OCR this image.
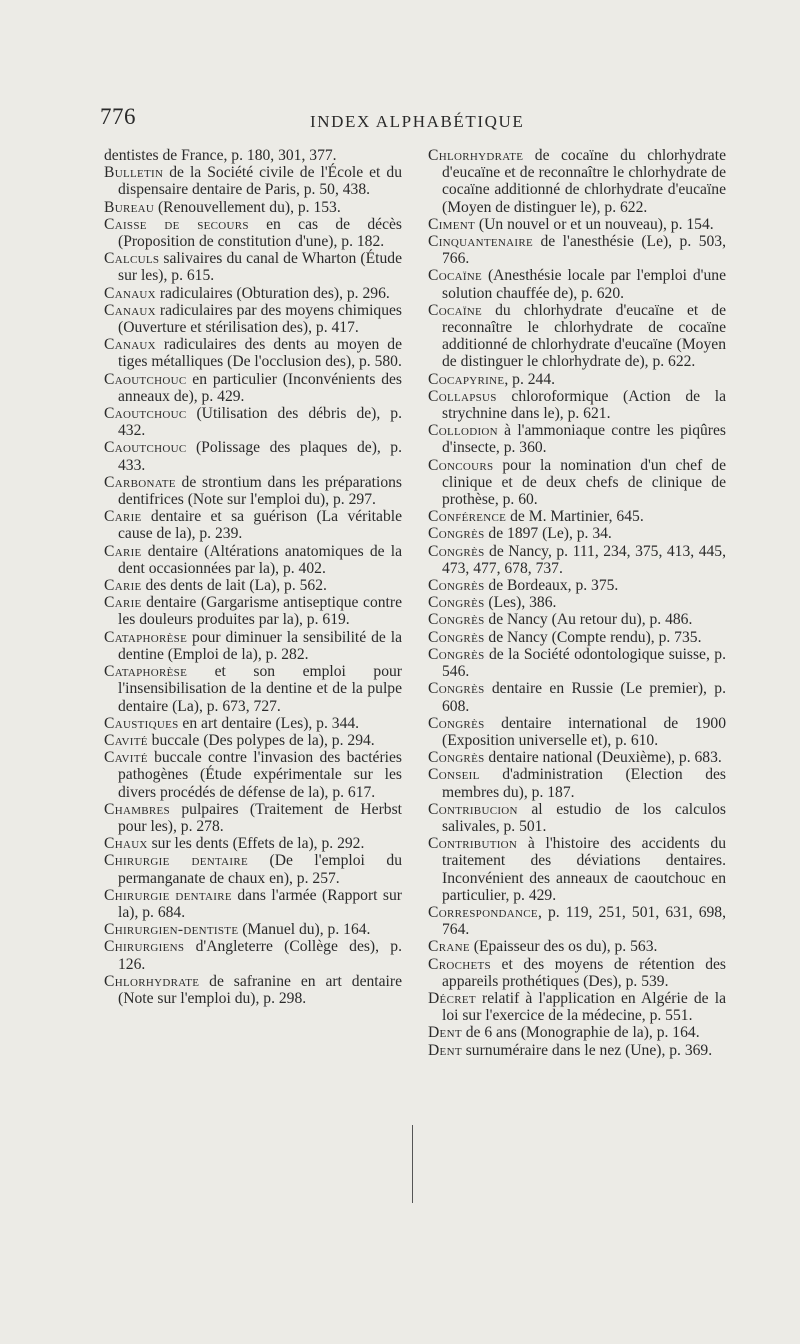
776	INDEX ALPHABÉTIQUE

dentistes de France, p. 180, 301, 377.

Bulletin de la Société civile de l'École et du dispensaire dentaire de Paris, p. 50, 438.

Bureau (Renouvellement du), p. 153.

Caisse de secours en cas de décès (Proposition de constitution d'une), p. 182.

Calculs salivaires du canal de Wharton (Étude sur les), p. 615.

Canaux radiculaires (Obturation des), p. 296.

Canaux radiculaires par des moyens chimiques (Ouverture et stérilisation des), p. 417.

Canaux radiculaires des dents au moyen de tiges métalliques (De l'occlusion des), p. 580.

Caoutchouc en particulier (Inconvénients des anneaux de), p. 429.

Caoutchouc (Utilisation des débris de), p. 432.

Caoutchouc (Polissage des plaques de), p. 433.

Carbonate de strontium dans les préparations dentifrices (Note sur l'emploi du), p. 297.

Carie dentaire et sa guérison (La véritable cause de la), p. 239.

Carie dentaire (Altérations anatomiques de la dent occasionnées par la), p. 402.

Carie des dents de lait (La), p. 562.

Carie dentaire (Gargarisme antiseptique contre les douleurs produites par la), p. 619.

Cataphorèse pour diminuer la sensibilité de la dentine (Emploi de la), p. 282.

Cataphorèse et son emploi pour l'insensibilisation de la dentine et de la pulpe dentaire (La), p. 673, 727.

Caustiques en art dentaire (Les), p. 344.

Cavité buccale (Des polypes de la), p. 294.

Cavité buccale contre l'invasion des bactéries pathogènes (Étude expérimentale sur les divers procédés de défense de la), p. 617.

Chambres pulpaires (Traitement de Herbst pour les), p. 278.

Chaux sur les dents (Effets de la), p. 292.

Chirurgie dentaire (De l'emploi du permanganate de chaux en), p. 257.

Chirurgie dentaire dans l'armée (Rapport sur la), p. 684.

Chirurgien-dentiste (Manuel du), p. 164.

Chirurgiens d'Angleterre (Collège des), p. 126.

Chlorhydrate de safranine en art dentaire (Note sur l'emploi du), p. 298.

Chlorhydrate de cocaïne du chlorhydrate d'eucaïne et de reconnaître le chlorhydrate de cocaïne additionné de chlorhydrate d'eucaïne (Moyen de distinguer le), p. 622.

Ciment (Un nouvel or et un nouveau), p. 154.

Cinquantenaire de l'anesthésie (Le), p. 503, 766.

Cocaïne (Anesthésie locale par l'emploi d'une solution chauffée de), p. 620.

Cocaïne du chlorhydrate d'eucaïne et de reconnaître le chlorhydrate de cocaïne additionné de chlorhydrate d'eucaïne (Moyen de distinguer le chlorhydrate de), p. 622.

Cocapyrine, p. 244.

Collapsus chloroformique (Action de la strychnine dans le), p. 621.

Collodion à l'ammoniaque contre les piqûres d'insecte, p. 360.

Concours pour la nomination d'un chef de clinique et de deux chefs de clinique de prothèse, p. 60.

Conférence de M. Martinier, 645.

Congrès de 1897 (Le), p. 34.

Congrès de Nancy, p. 111, 234, 375, 413, 445, 473, 477, 678, 737.

Congrès de Bordeaux, p. 375.

Congrès (Les), 386.

Congrès de Nancy (Au retour du), p. 486.

Congrès de Nancy (Compte rendu), p. 735.

Congrès de la Société odontologique suisse, p. 546.

Congrès dentaire en Russie (Le premier), p. 608.

Congrès dentaire international de 1900 (Exposition universelle et), p. 610.

Congrès dentaire national (Deuxième), p. 683.

Conseil d'administration (Election des membres du), p. 187.

Contribucion al estudio de los calculos salivales, p. 501.

Contribution à l'histoire des accidents du traitement des déviations dentaires. Inconvénient des anneaux de caoutchouc en particulier, p. 429.

Correspondance, p. 119, 251, 501, 631, 698, 764.

Crane (Epaisseur des os du), p. 563.

Crochets et des moyens de rétention des appareils prothétiques (Des), p. 539.

Décret relatif à l'application en Algérie de la loi sur l'exercice de la médecine, p. 551.

Dent de 6 ans (Monographie de la), p. 164.

Dent surnuméraire dans le nez (Une), p. 369.
